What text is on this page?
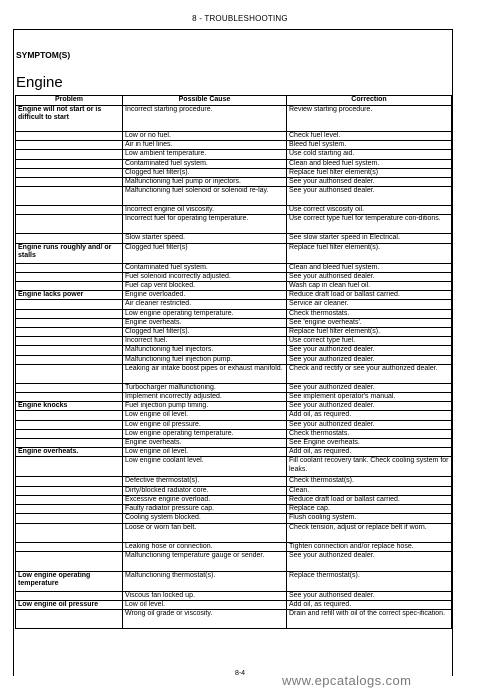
8 - TROUBLESHOOTING
SYMPTOM(S)
Engine
Problem	Possible Cause	Correction
Engine will not start or is difficult to start	Incorrect starting procedure.	Review starting procedure.
	Low or no fuel.	Check fuel level.
	Air in fuel lines.	Bleed fuel system.
	Low ambient temperature.	Use cold starting aid.
	Contaminated fuel system.	Clean and bleed fuel system.
	Clogged fuel filter(s).	Replace fuel filter element(s)
	Malfunctioning fuel pump or injectors.	See your authorised dealer.
	Malfunctioning fuel solenoid or solenoid re-lay.	See your authorised dealer.
	Incorrect engine oil viscosity.	Use correct viscosity oil.
	Incorrect fuel for operating temperature.	Use correct type fuel for temperature con-ditions.
	Slow starter speed.	See slow starter speed in Electrical.
Engine runs roughly and/ or stalls	Clogged fuel filter(s)	Replace fuel filter element(s).
	Contaminated fuel system.	Clean and bleed fuel system.
	Fuel solenoid incorrectly adjusted.	See your authorised dealer.
	Fuel cap vent blocked.	Wash cap in clean fuel oil.
Engine lacks power	Engine overloaded.	Reduce draft load or ballast carried.
	Air cleaner restricted.	Service air cleaner.
	Low engine operating temperature.	Check thermostats.
	Engine overheats.	See 'engine overheats'.
	Clogged fuel filter(s).	Replace fuel filter element(s).
	Incorrect fuel.	Use correct type fuel.
	Malfunctioning fuel injectors.	See your authorized dealer.
	Malfunctioning fuel injection pump.	See your authorized dealer.
	Leaking air intake boost pipes or exhaust manifold.	Check and rectify or see your authorized dealer.
	Turbocharger malfunctioning.	See your authorized dealer.
	Implement incorrectly adjusted.	See implement operator's manual.
Engine knocks	Fuel injection pump timing.	See your authorized dealer.
	Low engine oil level.	Add oil, as required.
	Low engine oil pressure.	See your authorized dealer.
	Low engine operating temperature.	Check thermostats.
	Engine overheats.	See Engine overheats.
Engine overheats.	Low engine oil level.	Add oil, as required.
	Low engine coolant level.	Fill coolant recovery tank. Check cooling system for leaks.
	Defective thermostat(s).	Check thermostat(s).
	Dirty/blocked radiator core.	Clean.
	Excessive engine overload.	Reduce draft load or ballast carried.
	Faulty radiator pressure cap.	Replace cap.
	Cooling system blocked.	Flush cooling system.
	Loose or worn fan belt.	Check tension, adjust or replace belt if worn.
	Leaking hose or connection.	Tighten connection and/or replace hose.
	Malfunctioning temperature gauge or sender.	See your authorized dealer.
Low engine operating temperature	Malfunctioning thermostat(s).	Replace thermostat(s).
	Viscous fan locked up.	See your authorised dealer.
Low engine oil pressure	Low oil level.	Add oil, as required.
	Wrong oil grade or viscosity.	Drain and refill with oil of the correct spec-ification.
8-4	www.epcatalogs.com
